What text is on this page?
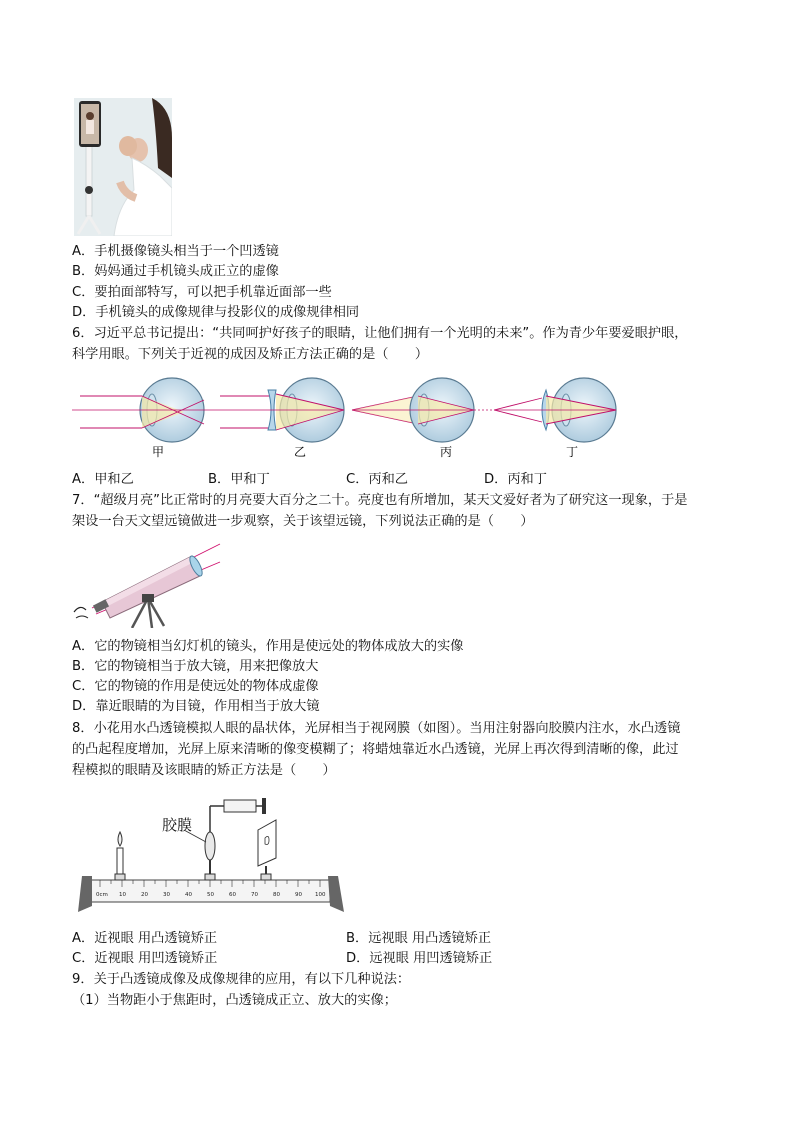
A．手机摄像镜头相当于一个凹透镜
B．妈妈通过手机镜头成正立的虚像
C．要拍面部特写，可以把手机靠近面部一些
D．手机镜头的成像规律与投影仪的成像规律相同
6．习近平总书记提出：“共同呵护好孩子的眼睛，让他们拥有一个光明的未来”。作为青少年要爱眼护眼，
科学用眼。下列关于近视的成因及矫正方法正确的是（　　）
甲	乙	丙	丁
A．甲和乙	B．甲和丁	C．丙和乙	D．丙和丁
7．“超级月亮”比正常时的月亮要大百分之二十。亮度也有所增加，某天文爱好者为了研究这一现象，于是
架设一台天文望远镜做进一步观察，关于该望远镜，下列说法正确的是（　　）
A．它的物镜相当幻灯机的镜头，作用是使远处的物体成放大的实像
B．它的物镜相当于放大镜，用来把像放大
C．它的物镜的作用是使远处的物体成虚像
D．靠近眼睛的为目镜，作用相当于放大镜
8．小花用水凸透镜模拟人眼的晶状体，光屏相当于视网膜（如图）。当用注射器向胶膜内注水，水凸透镜
的凸起程度增加，光屏上原来清晰的像变模糊了；将蜡烛靠近水凸透镜，光屏上再次得到清晰的像，此过
程模拟的眼睛及该眼睛的矫正方法是（　　）
0cm 10	20	30	40	50	60	70	80	90 100
胶膜
A．近视眼 用凸透镜矫正	B．远视眼 用凸透镜矫正
C．近视眼 用凹透镜矫正	D．远视眼 用凹透镜矫正
9．关于凸透镜成像及成像规律的应用，有以下几种说法：
（1）当物距小于焦距时，凸透镜成正立、放大的实像；
